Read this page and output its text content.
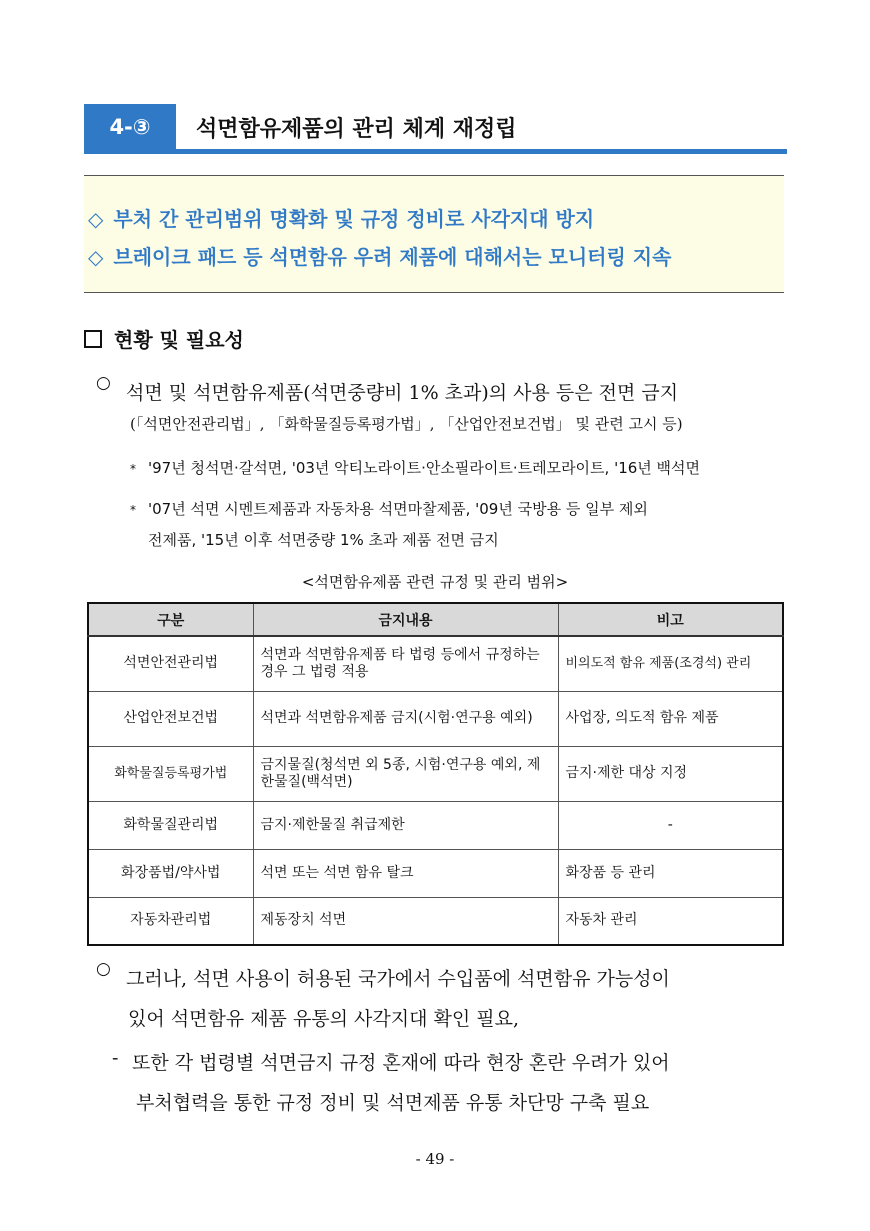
4-③	석면함유제품의 관리 체계 재정립
◇ 부처 간 관리범위 명확화 및 규정 정비로 사각지대 방지
◇ 브레이크 패드 등 석면함유 우려 제품에 대해서는 모니터링 지속
현황 및 필요성
○ 석면 및 석면함유제품(석면중량비 1% 초과)의 사용 등은 전면 금지
(「석면안전관리법」, 「화학물질등록평가법」, 「산업안전보건법」 및 관련 고시 등)
* '97년 청석면·갈석면, '03년 악티노라이트·안소필라이트·트레모라이트, '16년 백석면
* '07년 석면 시멘트제품과 자동차용 석면마찰제품, '09년 국방용 등 일부 제외
전제품, '15년 이후 석면중량 1% 초과 제품 전면 금지
<석면함유제품 관련 규정 및 관리 범위>
구분	금지내용	비고
석면안전관리법	석면과 석면함유제품 타 법령 등에서 규정하는 경우 그 법령 적용	비의도적 함유 제품(조경석) 관리
산업안전보건법	석면과 석면함유제품 금지(시험·연구용 예외)	사업장, 의도적 함유 제품
화학물질등록평가법	금지물질(청석면 외 5종, 시험·연구용 예외, 제한물질(백석면)	금지·제한 대상 지정
화학물질관리법	금지·제한물질 취급제한	-
화장품법/약사법	석면 또는 석면 함유 탈크	화장품 등 관리
자동차관리법	제동장치 석면	자동차 관리
○ 그러나, 석면 사용이 허용된 국가에서 수입품에 석면함유 가능성이
있어 석면함유 제품 유통의 사각지대 확인 필요,
- 또한 각 법령별 석면금지 규정 혼재에 따라 현장 혼란 우려가 있어
부처협력을 통한 규정 정비 및 석면제품 유통 차단망 구축 필요
- 49 -
